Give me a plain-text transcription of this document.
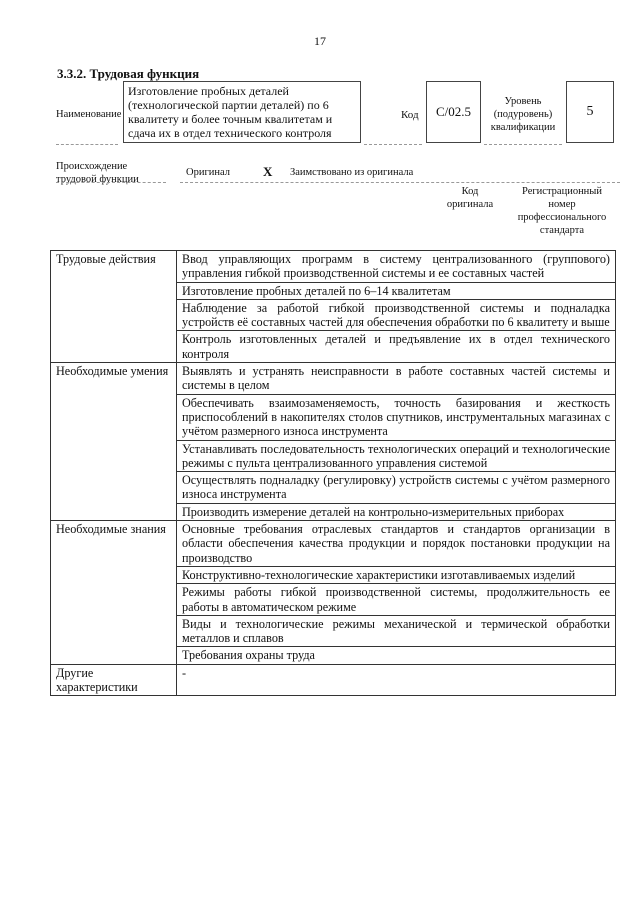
17
3.3.2. Трудовая функция
Наименование
Изготовление пробных деталей (технологической партии деталей) по 6 квалитету и более точным квалитетам и сдача их в отдел технического контроля
Код	C/02.5
Уровень (подуровень) квалификации
5
Происхождение трудовой функции
Оригинал	X Заимствовано из оригинала
Код оригинала
Регистрационный номер профессионального стандарта
Трудовые действия	Ввод управляющих программ в систему централизованного (группового) управления гибкой производственной системы и ее составных частей
	Изготовление пробных деталей по 6–14 квалитетам
	Наблюдение за работой гибкой производственной системы и подналадка устройств её составных частей для обеспечения обработки по 6 квалитету и выше
	Контроль изготовленных деталей и предъявление их в отдел технического контроля
Необходимые умения	Выявлять и устранять неисправности в работе составных частей системы и системы в целом
	Обеспечивать взаимозаменяемость, точность базирования и жесткость приспособлений в накопителях столов спутников, инструментальных магазинах с учётом размерного износа инструмента
	Устанавливать последовательность технологических операций и технологические режимы с пульта централизованного управления системой
	Осуществлять подналадку (регулировку) устройств системы с учётом размерного износа инструмента
	Производить измерение деталей на контрольно-измерительных приборах
Необходимые знания	Основные требования отраслевых стандартов и стандартов организации в области обеспечения качества продукции и порядок постановки продукции на производство
	Конструктивно-технологические характеристики изготавливаемых изделий
	Режимы работы гибкой производственной системы, продолжительность ее работы в автоматическом режиме
	Виды и технологические режимы механической и термической обработки металлов и сплавов
	Требования охраны труда
Другие характеристики	-
